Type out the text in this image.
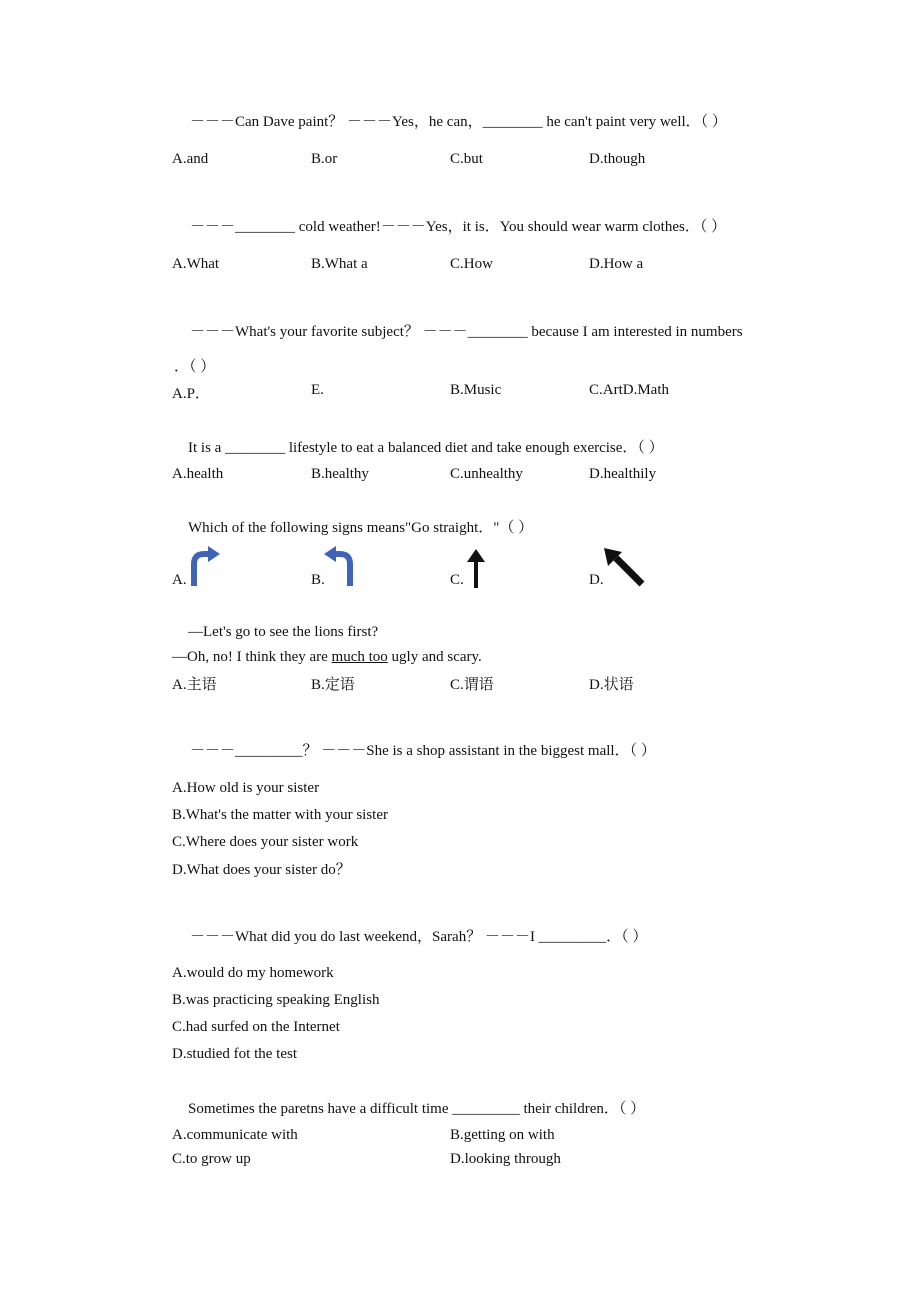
－－－Can Dave paint？ －－－Yes，he can，________ he can't paint very well．（ ）
A.and	B.or	C.but	D.though
－－－________ cold weather!－－－Yes，it is．You should wear warm clothes．（ ）
A.What	B.What a	C.How	D.How a
－－－What's your favorite subject？ －－－________ because I am interested in numbers
．（ ）
A.P．	E.	B.Music	C.ArtD.Math
It is a ________ lifestyle to eat a balanced diet and take enough exercise．（ ）
A.health	B.healthy	C.unhealthy	D.healthily
Which of the following signs means"Go straight．"（ ）
A.	B.	C.	D.
—Let's go to see the lions first?
—Oh, no! I think they are much too ugly and scary.
A.主语	B.定语	C.谓语	D.状语
－－－_________？ －－－She is a shop assistant in the biggest mall．（ ）
A.How old is your sister
B.What's the matter with your sister
C.Where does your sister work
D.What does your sister do？
－－－What did you do last weekend，Sarah？ －－－I _________．（ ）
A.would do my homework
B.was practicing speaking English
C.had surfed on the Internet
D.studied fot the test
Sometimes the paretns have a difficult time _________ their children．（ ）
A.communicate with	B.getting on with
C.to grow up	D.looking through
